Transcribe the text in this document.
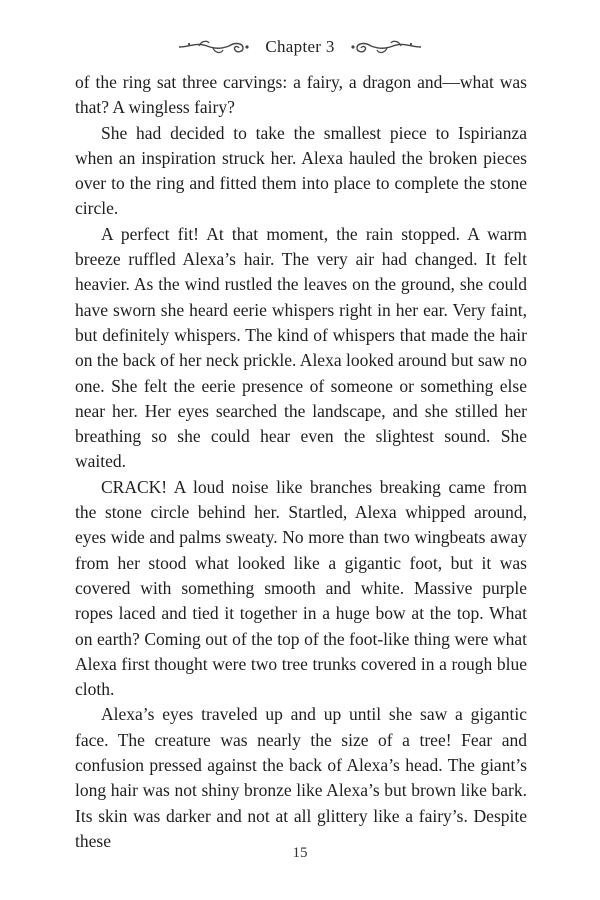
Chapter 3

of the ring sat three carvings: a fairy, a dragon and—what was that? A wingless fairy?

She had decided to take the smallest piece to Ispirianza when an inspiration struck her. Alexa hauled the broken pieces over to the ring and fitted them into place to complete the stone circle.

A perfect fit! At that moment, the rain stopped. A warm breeze ruffled Alexa’s hair. The very air had changed. It felt heavier. As the wind rustled the leaves on the ground, she could have sworn she heard eerie whispers right in her ear. Very faint, but definitely whispers. The kind of whispers that made the hair on the back of her neck prickle. Alexa looked around but saw no one. She felt the eerie presence of someone or something else near her. Her eyes searched the landscape, and she stilled her breathing so she could hear even the slightest sound. She waited.

CRACK! A loud noise like branches breaking came from the stone circle behind her. Startled, Alexa whipped around, eyes wide and palms sweaty. No more than two wingbeats away from her stood what looked like a gigantic foot, but it was covered with something smooth and white. Massive purple ropes laced and tied it together in a huge bow at the top. What on earth? Coming out of the top of the foot-like thing were what Alexa first thought were two tree trunks covered in a rough blue cloth.

Alexa’s eyes traveled up and up until she saw a gigantic face. The creature was nearly the size of a tree! Fear and confusion pressed against the back of Alexa’s head. The giant’s long hair was not shiny bronze like Alexa’s but brown like bark. Its skin was darker and not at all glittery like a fairy’s. Despite these

15
